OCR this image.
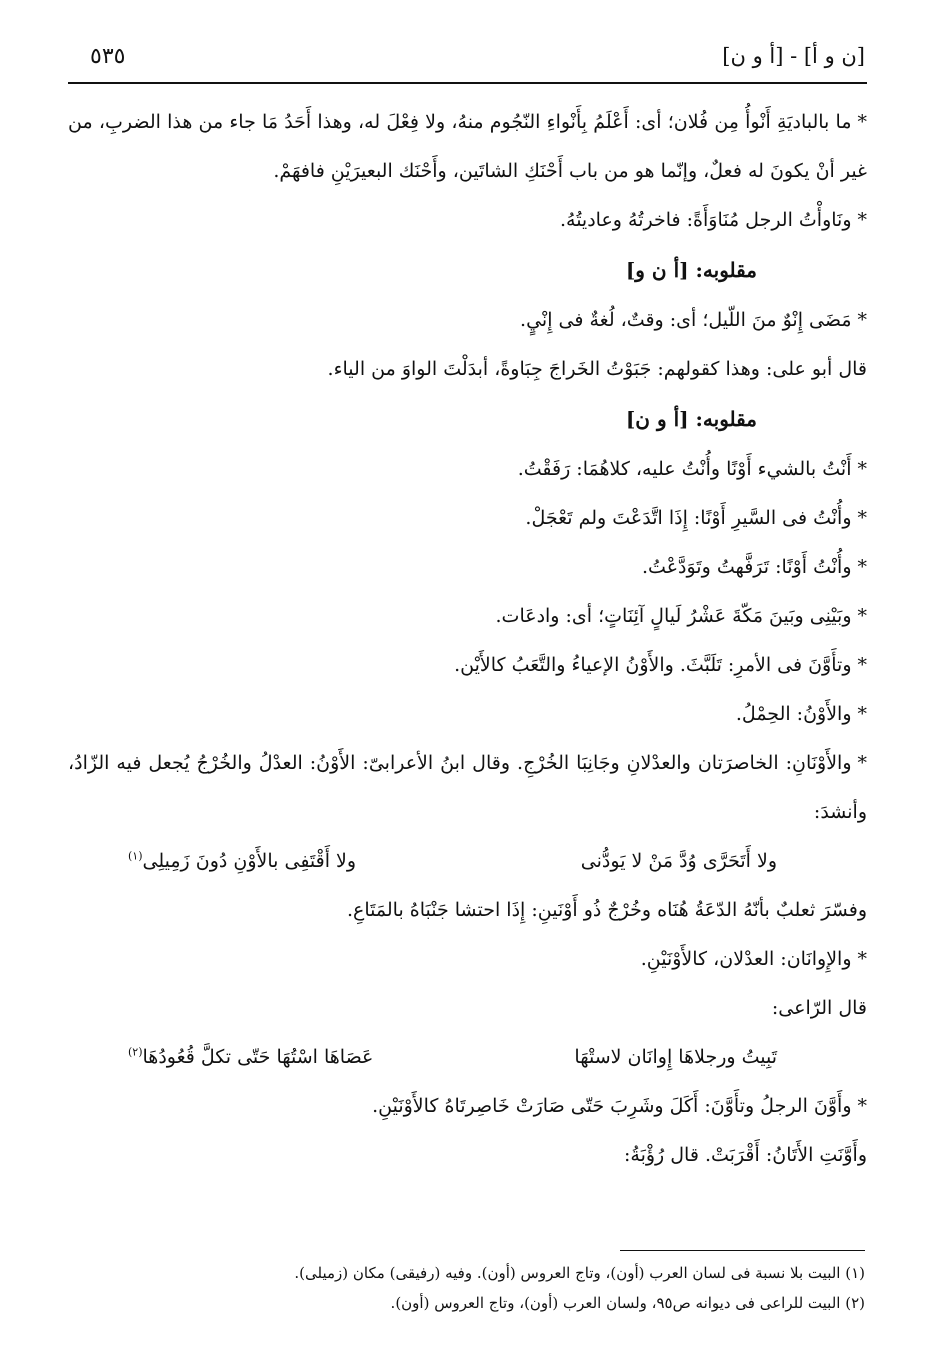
[ن و أ] - [أ و ن]
٥٣٥

*ما بالباديَةِ أَنْوأُ مِن فُلان؛ أى: أَعْلَمُ بِأَنْواءِ النّجُوم منهُ، ولا فِعْلَ له، وهذا أَحَدُ مَا جاء من هذا الضربِ، من غير أنْ يكونَ له فعلٌ، وإنّما هو من باب أَحْنَكِ الشاتَين، وأَحْنَك البعيرَيْنِ فافهَمْ.

*ونَاوأْتُ الرجل مُنَاوَأَةً: فاخرتُهُ وعاديتُهُ.

مقلوبه: [أ ن و]

*مَضَى إِنْوٌ منَ اللّيل؛ أى: وقتٌ، لُغةٌ فى إِنْيٍ.

قال أبو على: وهذا كقولهم: جَبَوْتُ الخَراجَ جِبَاوةً، أبدَلْتَ الواوَ من الياء.

مقلوبه: [أ و ن]

*أَنْتُ بالشيء أَوْنًا وأُنْتُ عليه، كلاهُمَا: رَفَقْتُ.

*وأُنْتُ فى السَّيرِ أَوْنًا: إِذَا اتَّدَعْتَ ولم تَعْجَلْ.

*وأُنْتُ أَوْنًا: تَرَفَّهتُ وتَوَدَّعْتُ.

*وبَيْنِى وبَينَ مَكّةَ عَشْرُ لَيالٍ آئِنَاتٍ؛ أى: وادعَات.

*وتأَوَّنَ فى الأمرِ: تَلَبَّثَ. والأَوْنُ الإعياءُ والتَّعَبُ كالأَيْن.

*والأَوْنُ: الحِمْلُ.

*والأَوْنَانِ: الخاصرَتان والعدْلانِ وجَانِبَا الخُرْجِ. وقال ابنُ الأعرابىّ: الأَوْنُ: العدْلُ والخُرْجُ يُجعل فيه الزّادُ، وأنشدَ:

ولا أَتَحَرَّى وُدَّ مَنْ لا يَودُّنى
ولا أَقْتَفِى بالأَوْنِ دُونَ زَمِيلِى$^{(١)}$

وفسّرَ ثعلبٌ بأنّهُ الدّعَةُ هُنَاه وخُرْجٌ ذُو أَوْنَينِ: إِذَا احتشا جَنْبَاهُ بالمَتَاعِ.

*والإِوانَان: العدْلان، كالأَوْنَيْنِ.

قال الرّاعى:

تَبِيتُ ورجلاهَا إِوانَان لاستْهَا
عَصَاهَا اسْتُهَا حَتّى تكلَّ قُعُودُهَا$^{(٢)}$

*وأَوَّنَ الرجلُ وتأَوَّنَ: أَكَلَ وشَرِبَ حَتّى صَارَتْ خَاصِرتَاهُ كالأَوْنَيْنِ.

وأَوَّنَتِ الأَتَانُ: أَقْرَبَتْ. قال رُؤْبَةُ:

(١) البيت بلا نسبة فى لسان العرب (أون)، وتاج العروس (أون). وفيه (رفيقى) مكان (زميلى).

(٢) البيت للراعى فى ديوانه ص٩٥، ولسان العرب (أون)، وتاج العروس (أون).
